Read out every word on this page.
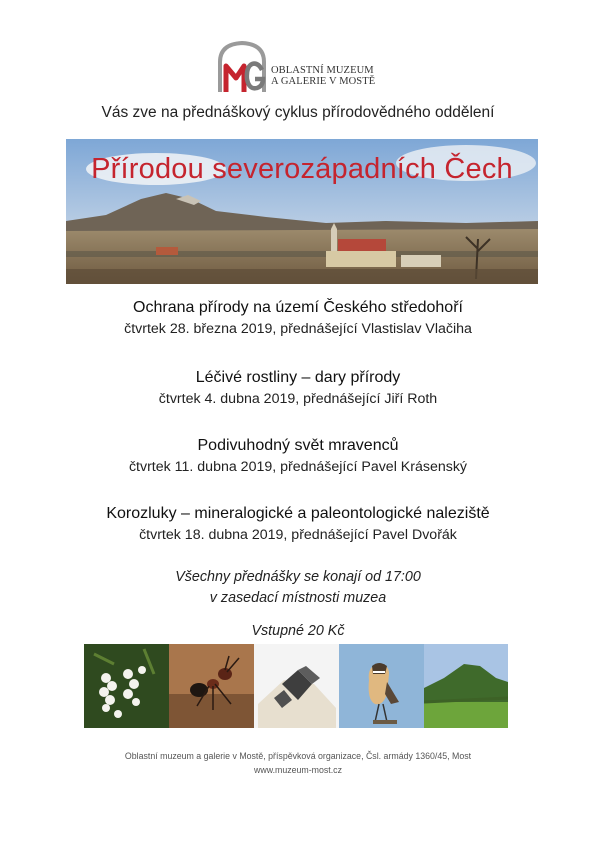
OBLASTNÍ MUZEUM
A GALERIE V MOSTĚ
Vás zve na přednáškový cyklus přírodovědného oddělení
Přírodou severozápadních Čech
Ochrana přírody na území Českého středohoří
čtvrtek 28. března 2019, přednášející Vlastislav Vlačiha
Léčivé rostliny – dary přírody
čtvrtek 4. dubna 2019, přednášející Jiří Roth
Podivuhodný svět mravenců
čtvrtek 11. dubna 2019, přednášející Pavel Krásenský
Korozluky – mineralogické a paleontologické naleziště
čtvrtek 18. dubna 2019, přednášející Pavel Dvořák
Všechny přednášky se konají od 17:00
v zasedací místnosti muzea
Vstupné 20 Kč
Oblastní muzeum a galerie v Mostě, příspěvková organizace, Čsl. armády 1360/45, Most
www.muzeum-most.cz
